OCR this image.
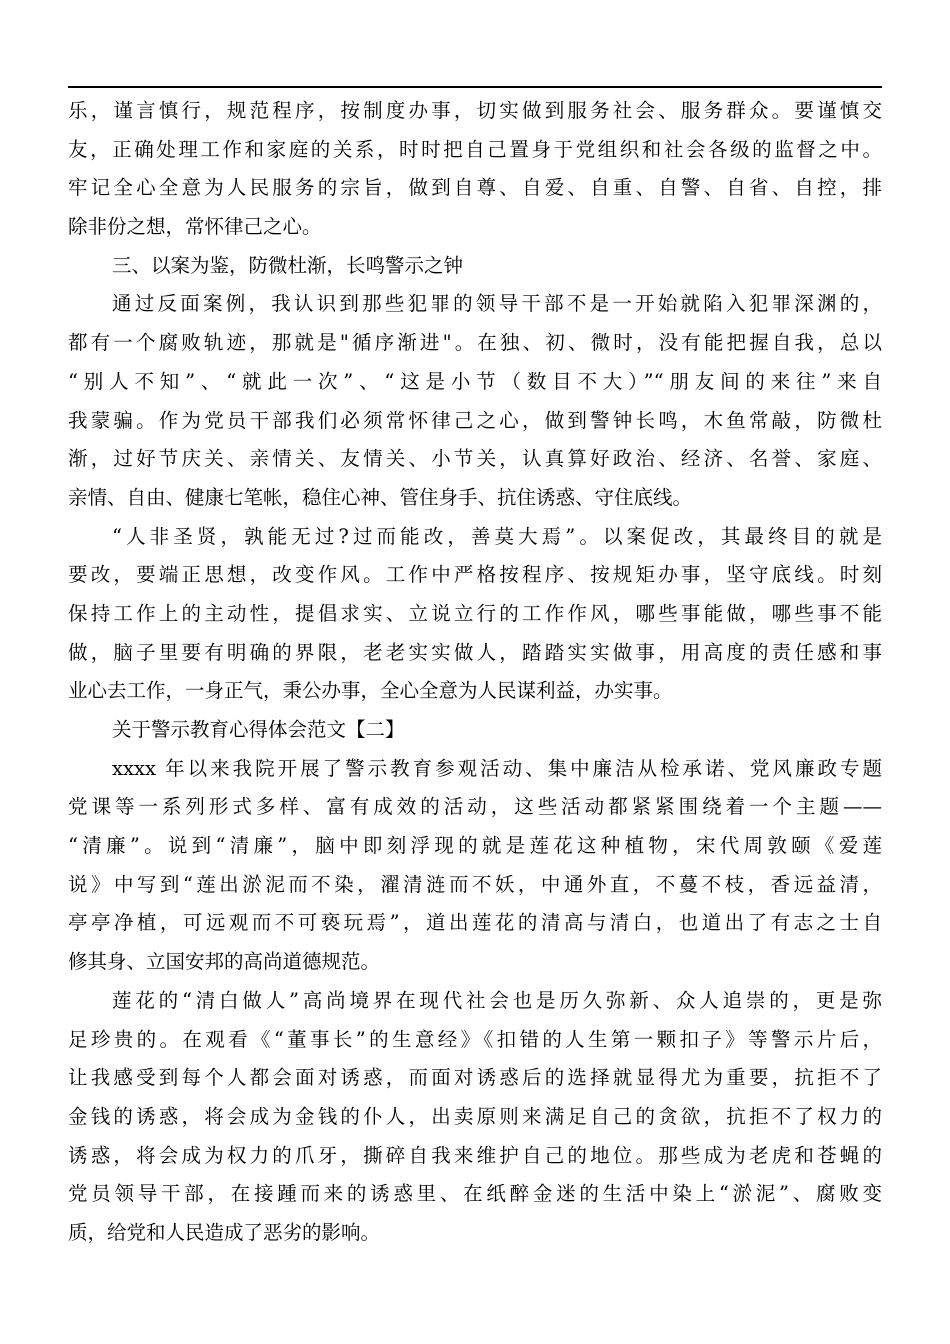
乐，谨言慎行，规范程序，按制度办事，切实做到服务社会、服务群众。要谨慎交
友，正确处理工作和家庭的关系，时时把自己置身于党组织和社会各级的监督之中。
牢记全心全意为人民服务的宗旨，做到自尊、自爱、自重、自警、自省、自控，排
除非份之想，常怀律己之心。
三、以案为鉴，防微杜渐，长鸣警示之钟
通过反面案例，我认识到那些犯罪的领导干部不是一开始就陷入犯罪深渊的，
都有一个腐败轨迹，那就是"循序渐进"。在独、初、微时，没有能把握自我，总以
“别人不知”、“就此一次”、“这是小节（数目不大）”“朋友间的来往”来自
我蒙骗。作为党员干部我们必须常怀律己之心，做到警钟长鸣，木鱼常敲，防微杜
渐，过好节庆关、亲情关、友情关、小节关，认真算好政治、经济、名誉、家庭、
亲情、自由、健康七笔帐，稳住心神、管住身手、抗住诱惑、守住底线。
“人非圣贤，孰能无过?过而能改，善莫大焉”。以案促改，其最终目的就是
要改，要端正思想，改变作风。工作中严格按程序、按规矩办事，坚守底线。时刻
保持工作上的主动性，提倡求实、立说立行的工作作风，哪些事能做，哪些事不能
做，脑子里要有明确的界限，老老实实做人，踏踏实实做事，用高度的责任感和事
业心去工作，一身正气，秉公办事，全心全意为人民谋利益，办实事。
关于警示教育心得体会范文【二】
xxxx 年以来我院开展了警示教育参观活动、集中廉洁从检承诺、党风廉政专题
党课等一系列形式多样、富有成效的活动，这些活动都紧紧围绕着一个主题——
“清廉”。说到“清廉”，脑中即刻浮现的就是莲花这种植物，宋代周敦颐《爱莲
说》中写到“莲出淤泥而不染，濯清涟而不妖，中通外直，不蔓不枝，香远益清，
亭亭净植，可远观而不可亵玩焉”，道出莲花的清高与清白，也道出了有志之士自
修其身、立国安邦的高尚道德规范。
莲花的“清白做人”高尚境界在现代社会也是历久弥新、众人追崇的，更是弥
足珍贵的。在观看《“董事长”的生意经》《扣错的人生第一颗扣子》等警示片后，
让我感受到每个人都会面对诱惑，而面对诱惑后的选择就显得尤为重要，抗拒不了
金钱的诱惑，将会成为金钱的仆人，出卖原则来满足自己的贪欲，抗拒不了权力的
诱惑，将会成为权力的爪牙，撕碎自我来维护自己的地位。那些成为老虎和苍蝇的
党员领导干部，在接踵而来的诱惑里、在纸醉金迷的生活中染上“淤泥”、腐败变
质，给党和人民造成了恶劣的影响。
